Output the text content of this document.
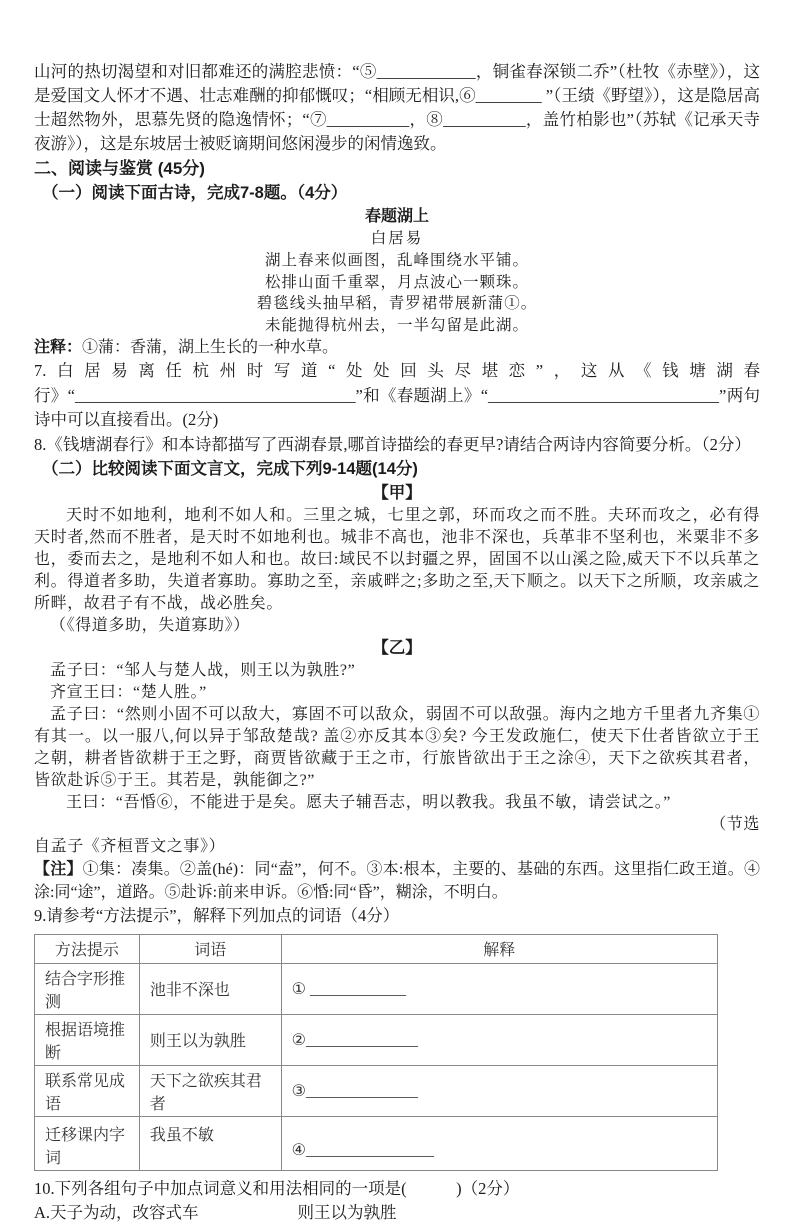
山河的热切渴望和对旧都难还的满腔悲愤：“⑤____________，铜雀春深锁二乔”（杜牧《赤壁》），这是爱国文人怀才不遇、壮志难酬的抑郁慨叹；“相顾无相识,⑥________ ”（王绩《野望》），这是隐居高士超然物外，思慕先贤的隐逸情怀；“⑦__________，⑧__________，盖竹柏影也”（苏轼《记承天寺夜游》），这是东坡居士被贬谪期间悠闲漫步的闲情逸致。

二、阅读与鉴赏 (45分)
（一）阅读下面古诗，完成7-8题。（4分）
春题湖上
白居易
湖上春来似画图，乱峰围绕水平铺。
松排山面千重翠，月点波心一颗珠。
碧毯线头抽早稻，青罗裙带展新蒲①。
未能抛得杭州去，一半勾留是此湖。

注释：①蒲：香蒲，湖上生长的一种水草。

7.白居易离任杭州时写道“处处回头尽堪恋”，这从《钱塘湖春行》“__________________________________”和《春题湖上》“____________________________”两句诗中可以直接看出。(2分)

8.《钱塘湖春行》和本诗都描写了西湖春景,哪首诗描绘的春更早?请结合两诗内容简要分析。（2分）

（二）比较阅读下面文言文，完成下列9-14题(14分)
【甲】

天时不如地利，地利不如人和。三里之城，七里之郭，环而攻之而不胜。夫环而攻之，必有得天时者,然而不胜者，是天时不如地利也。城非不高也，池非不深也，兵革非不坚利也，米粟非不多也，委而去之，是地利不如人和也。故曰:域民不以封疆之界，固国不以山溪之险,威天下不以兵革之利。得道者多助，失道者寡助。寡助之至，亲戚畔之;多助之至,天下顺之。以天下之所顺，攻亲戚之所畔，故君子有不战，战必胜矣。

（《得道多助，失道寡助》）

【乙】

孟子曰：“邹人与楚人战，则王以为孰胜?”

齐宣王曰：“楚人胜。”

孟子曰：“然则小固不可以敌大，寡固不可以敌众，弱固不可以敌强。海内之地方千里者九齐集①有其一。以一服八,何以异于邹敌楚哉? 盖②亦反其本③矣? 今王发政施仁，使天下仕者皆欲立于王之朝，耕者皆欲耕于王之野，商贾皆欲藏于王之市，行旅皆欲出于王之涂④，天下之欲疾其君者，皆欲赴诉⑤于王。其若是，孰能御之?”

王曰：“吾惛⑥，不能进于是矣。愿夫子辅吾志，明以教我。我虽不敏，请尝试之。”

（节选
自孟子《齐桓晋文之事》）

【注】①集：凑集。②盖(hé)：同“盍”，何不。③本:根本，主要的、基础的东西。这里指仁政王道。④涂:同“途”，道路。⑤赴诉:前来申诉。⑥惛:同“昏”，糊涂，不明白。

9.请参考“方法提示”，解释下列加点的词语（4分）

方法提示	词语	解释
结合字形推测	池非不深也	① ____________
根据语境推断	则王以为孰胜	②______________
联系常见成语	天下之欲疾其君者	③______________
迁移课内字词	我虽不敏	④________________

10.下列各组句子中加点词意义和用法相同的一项是(　　　)（2分）

A.天子为动，改容式车　　　　　　则王以为孰胜
